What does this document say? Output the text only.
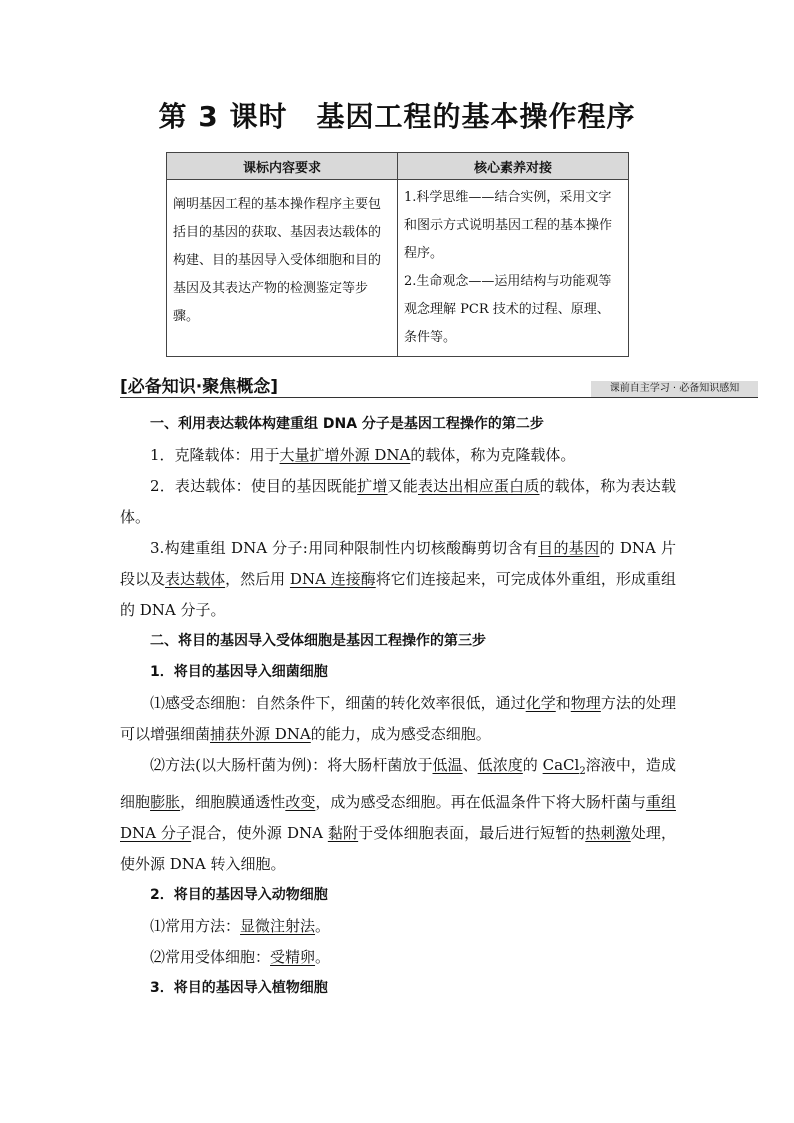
第 3 课时　基因工程的基本操作程序
课标内容要求	核心素养对接
阐明基因工程的基本操作程序主要包括目的基因的获取、基因表达载体的构建、目的基因导入受体细胞和目的基因及其表达产物的检测鉴定等步骤。	1.科学思维——结合实例，采用文字和图示方式说明基因工程的基本操作程序。
2.生命观念——运用结构与功能观等观念理解 PCR 技术的过程、原理、条件等。
[必备知识·聚焦概念]	课前自主学习 · 必备知识感知

一、利用表达载体构建重组 DNA 分子是基因工程操作的第二步

1．克隆载体：用于大量扩增外源 DNA的载体，称为克隆载体。

2．表达载体：使目的基因既能扩增又能表达出相应蛋白质的载体，称为表达载体。

3.构建重组 DNA 分子:用同种限制性内切核酸酶剪切含有目的基因的 DNA 片段以及表达载体，然后用 DNA 连接酶将它们连接起来，可完成体外重组，形成重组的 DNA 分子。

二、将目的基因导入受体细胞是基因工程操作的第三步

1．将目的基因导入细菌细胞

⑴感受态细胞：自然条件下，细菌的转化效率很低，通过化学和物理方法的处理可以增强细菌捕获外源 DNA的能力，成为感受态细胞。

⑵方法(以大肠杆菌为例)：将大肠杆菌放于低温、低浓度的 CaCl$_2$溶液中，造成细胞膨胀，细胞膜通透性改变，成为感受态细胞。再在低温条件下将大肠杆菌与重组 DNA 分子混合，使外源 DNA 黏附于受体细胞表面，最后进行短暂的热刺激处理，使外源 DNA 转入细胞。

2．将目的基因导入动物细胞

⑴常用方法：显微注射法。

⑵常用受体细胞：受精卵。

3．将目的基因导入植物细胞
